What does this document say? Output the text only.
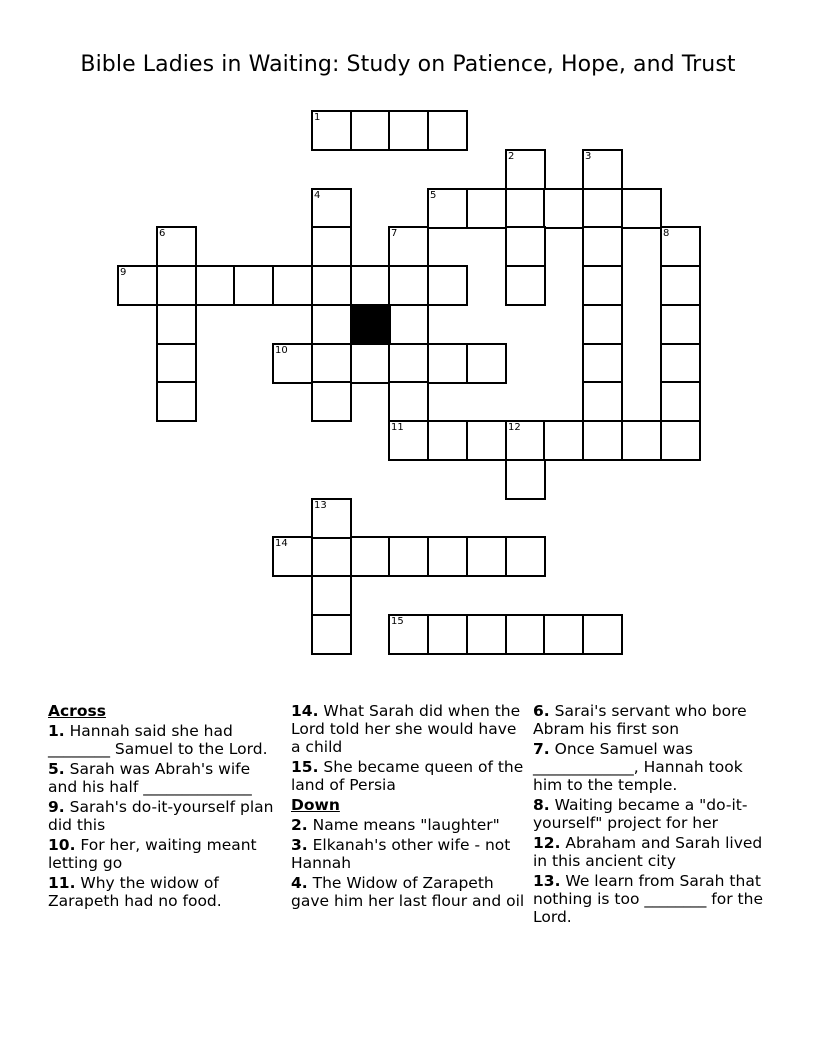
Bible Ladies in Waiting: Study on Patience, Hope, and Trust
1
5
9
10
11	12
14
15
2	3
4
6	7	8
13
Across
1. Hannah said she had ________ Samuel to the Lord.
5. Sarah was Abrah's wife and his half ______________
9. Sarah's do-it-yourself plan did this
10. For her, waiting meant letting go
11. Why the widow of Zarapeth had no food.
14. What Sarah did when the Lord told her she would have a child
15. She became queen of the land of Persia
Down
2. Name means "laughter"
3. Elkanah's other wife - not Hannah
4. The Widow of Zarapeth gave him her last flour and oil
6. Sarai's servant who bore Abram his first son
7. Once Samuel was _____________, Hannah took him to the temple.
8. Waiting became a "do-it-yourself" project for her
12. Abraham and Sarah lived in this ancient city
13. We learn from Sarah that nothing is too ________ for the Lord.
